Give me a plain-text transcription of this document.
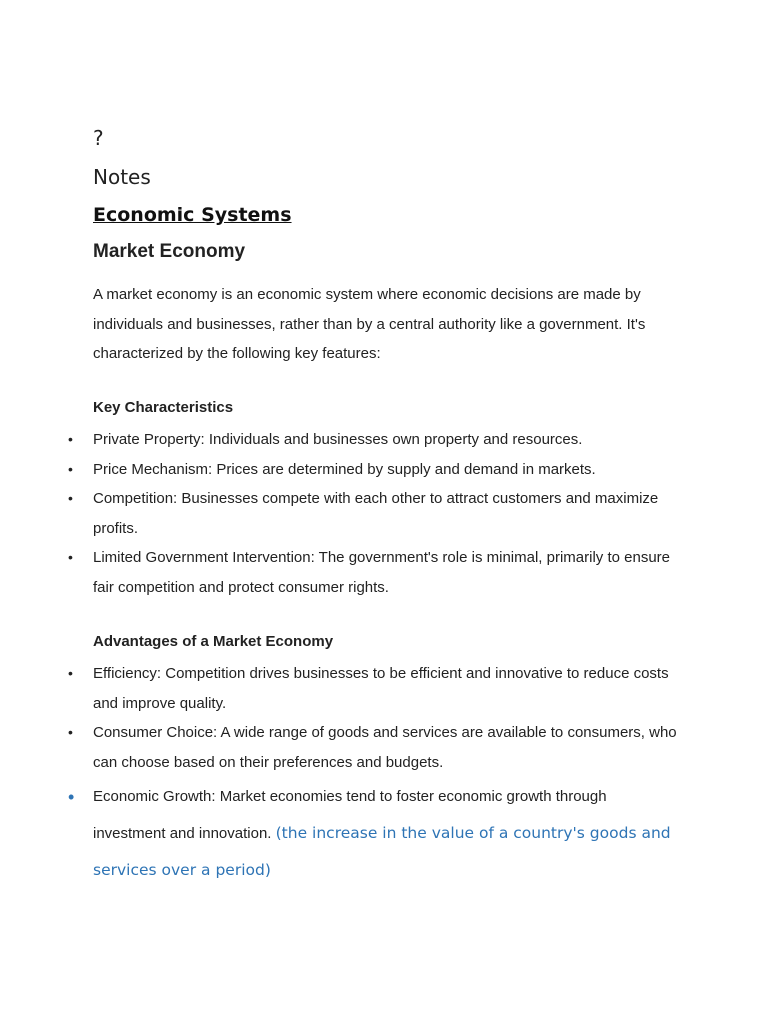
?
Notes
Economic Systems
Market Economy
A market economy is an economic system where economic decisions are made by individuals and businesses, rather than by a central authority like a government. It's characterized by the following key features:
Key Characteristics
• Private Property: Individuals and businesses own property and resources.
• Price Mechanism: Prices are determined by supply and demand in markets.
• Competition: Businesses compete with each other to attract customers and maximize profits.
• Limited Government Intervention: The government's role is minimal, primarily to ensure fair competition and protect consumer rights.
Advantages of a Market Economy
• Efficiency: Competition drives businesses to be efficient and innovative to reduce costs and improve quality.
• Consumer Choice: A wide range of goods and services are available to consumers, who can choose based on their preferences and budgets.
• Economic Growth: Market economies tend to foster economic growth through investment and innovation. (the increase in the value of a country's goods and services over a period)
